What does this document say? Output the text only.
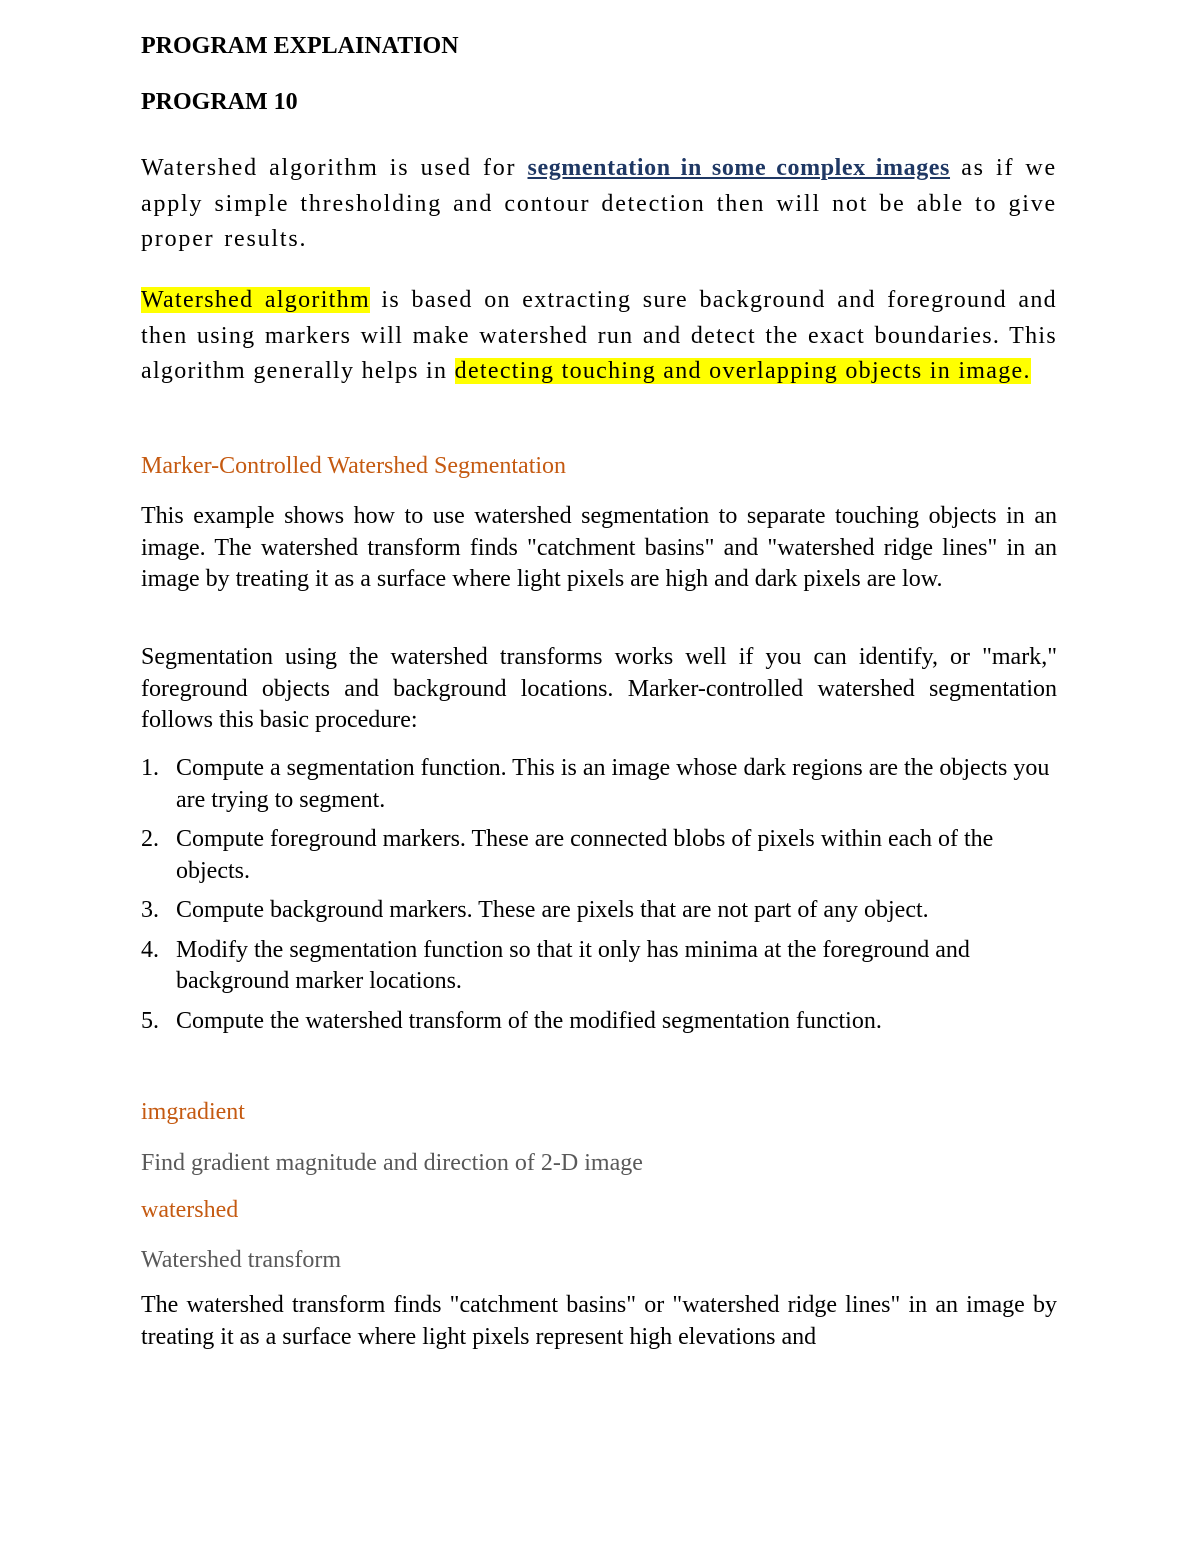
PROGRAM EXPLAINATION
PROGRAM 10
Watershed algorithm is used for segmentation in some complex images as if we apply simple thresholding and contour detection then will not be able to give proper results.
Watershed algorithm is based on extracting sure background and foreground and then using markers will make watershed run and detect the exact boundaries. This algorithm generally helps in detecting touching and overlapping objects in image.
Marker-Controlled Watershed Segmentation
This example shows how to use watershed segmentation to separate touching objects in an image. The watershed transform finds "catchment basins" and "watershed ridge lines" in an image by treating it as a surface where light pixels are high and dark pixels are low.
Segmentation using the watershed transforms works well if you can identify, or "mark," foreground objects and background locations. Marker-controlled watershed segmentation follows this basic procedure:
1. Compute a segmentation function. This is an image whose dark regions are the objects you are trying to segment.
2. Compute foreground markers. These are connected blobs of pixels within each of the objects.
3. Compute background markers. These are pixels that are not part of any object.
4. Modify the segmentation function so that it only has minima at the foreground and background marker locations.
5. Compute the watershed transform of the modified segmentation function.
imgradient
Find gradient magnitude and direction of 2-D image
watershed
Watershed transform
The watershed transform finds "catchment basins" or "watershed ridge lines" in an image by treating it as a surface where light pixels represent high elevations and
